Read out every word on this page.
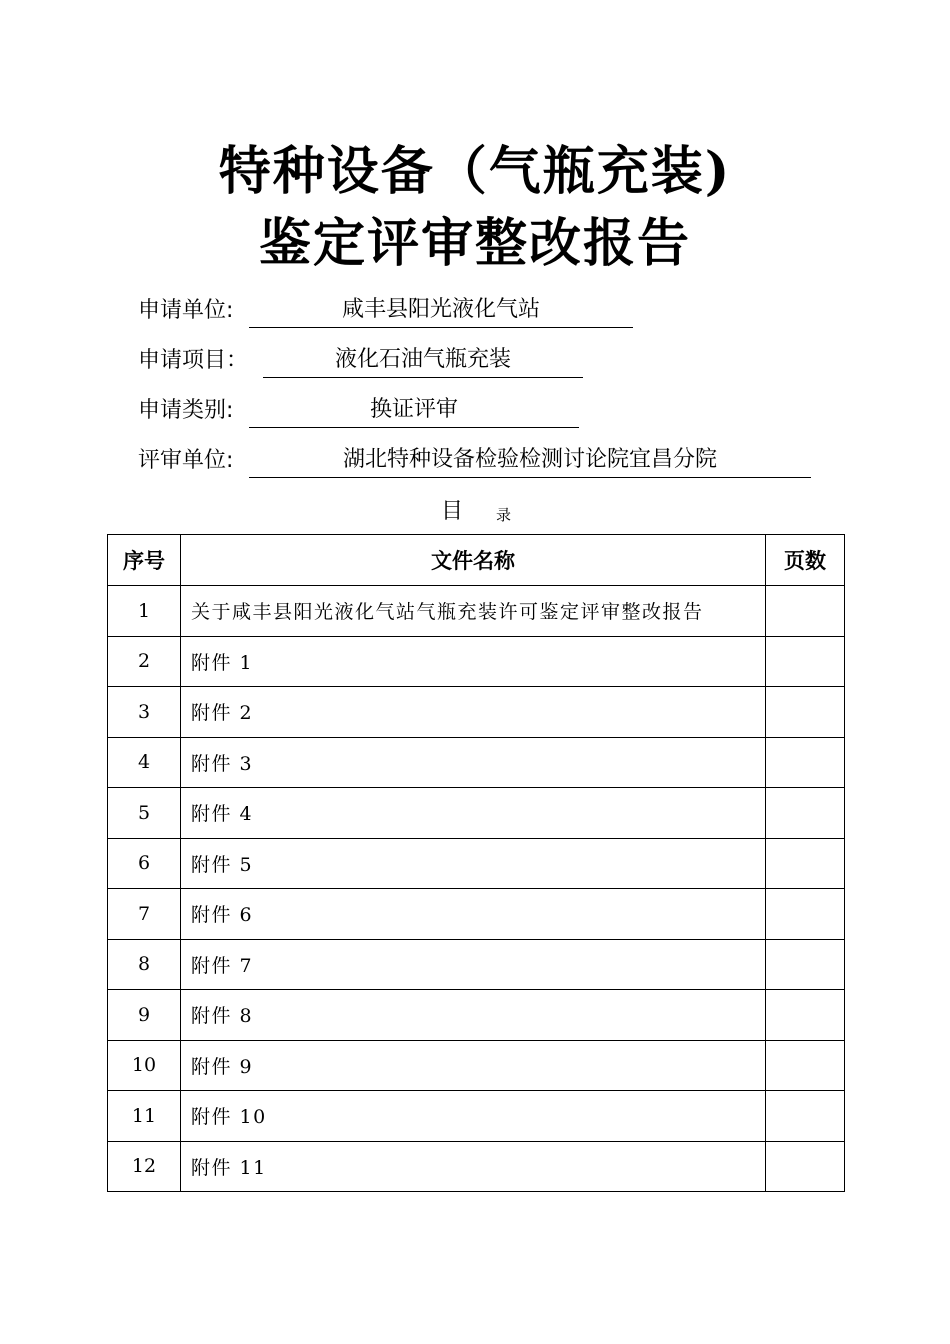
特种设备（气瓶充装)
鉴定评审整改报告
申请单位:	咸丰县阳光液化气站
申请项目：	液化石油气瓶充装
申请类别:	换证评审
评审单位:	湖北特种设备检验检测讨论院宜昌分院
目 录
序号	文件名称	页数
1	关于咸丰县阳光液化气站气瓶充装许可鉴定评审整改报告	
2	附件 1	
3	附件 2	
4	附件 3	
5	附件 4	
6	附件 5	
7	附件 6	
8	附件 7	
9	附件 8	
10	附件 9	
11	附件 10	
12	附件 11	
